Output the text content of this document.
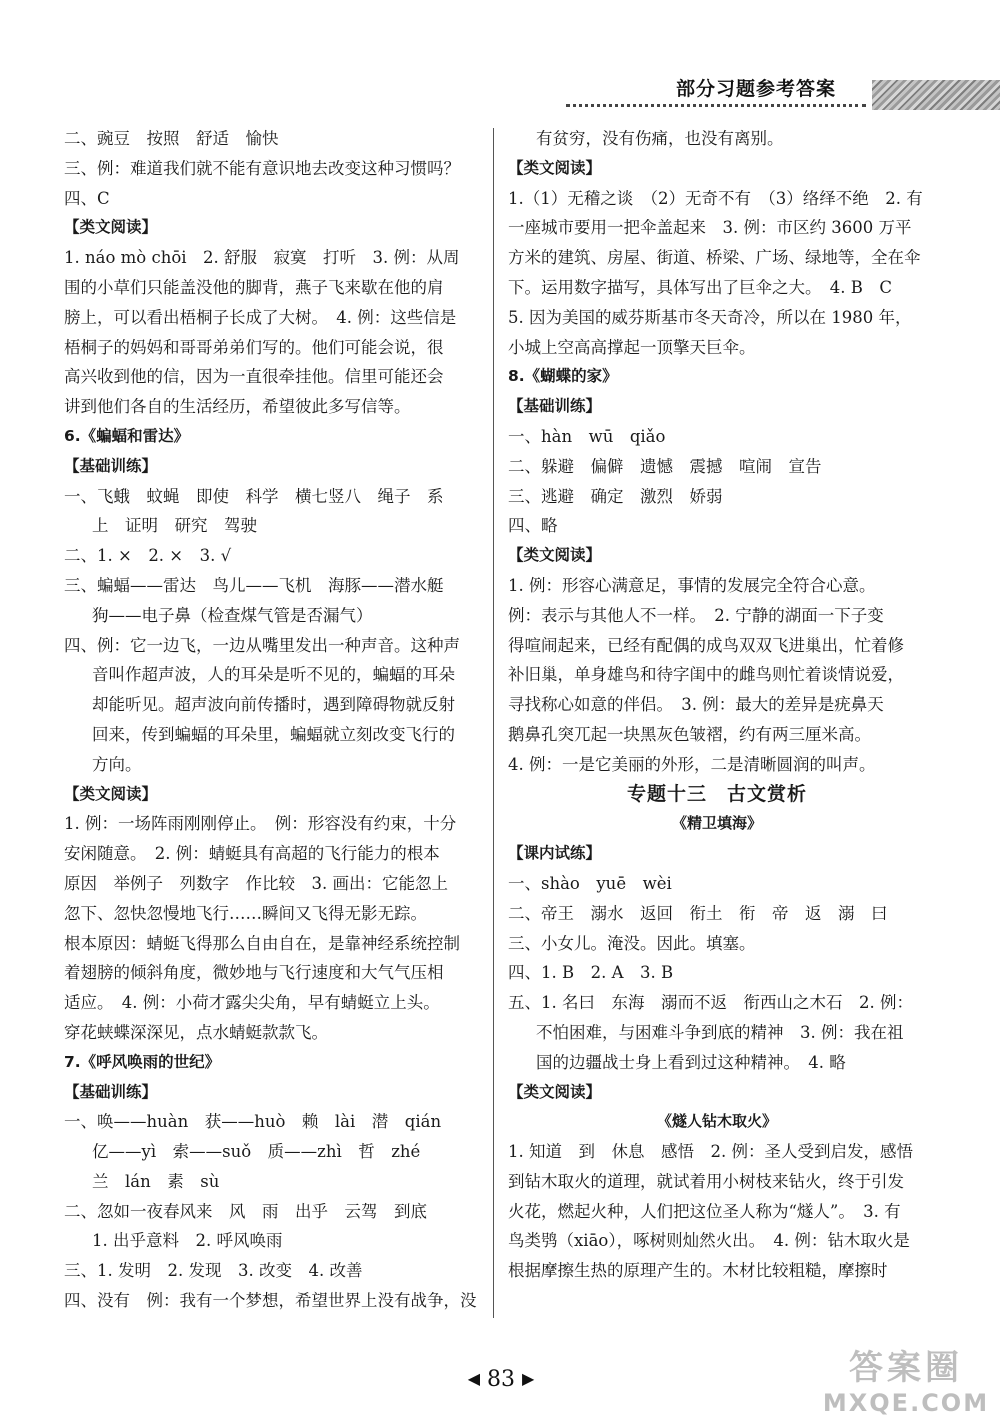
部分习题参考答案
二、豌豆　按照　舒适　愉快
三、例：难道我们就不能有意识地去改变这种习惯吗？
四、C
【类文阅读】
1. náo mò chōi　2. 舒服　寂寞　打听　3. 例：从周
围的小草们只能盖没他的脚背，燕子飞来歇在他的肩
膀上，可以看出梧桐子长成了大树。　4. 例：这些信是
梧桐子的妈妈和哥哥弟弟们写的。他们可能会说，很
高兴收到他的信，因为一直很牵挂他。信里可能还会
讲到他们各自的生活经历，希望彼此多写信等。
6.《蝙蝠和雷达》
【基础训练】
一、飞蛾　蚊蝇　即使　科学　横七竖八　绳子　系
上　证明　研究　驾驶
二、1. ×　2. ×　3. √
三、蝙蝠——雷达　鸟儿——飞机　海豚——潜水艇
狗——电子鼻（检查煤气管是否漏气）
四、例：它一边飞，一边从嘴里发出一种声音。这种声
音叫作超声波，人的耳朵是听不见的，蝙蝠的耳朵
却能听见。超声波向前传播时，遇到障碍物就反射
回来，传到蝙蝠的耳朵里，蝙蝠就立刻改变飞行的
方向。
【类文阅读】
1. 例：一场阵雨刚刚停止。　例：形容没有约束，十分
安闲随意。　2. 例：蜻蜓具有高超的飞行能力的根本
原因　举例子　列数字　作比较　3. 画出：它能忽上
忽下、忽快忽慢地飞行……瞬间又飞得无影无踪。
根本原因：蜻蜓飞得那么自由自在，是靠神经系统控制
着翅膀的倾斜角度，微妙地与飞行速度和大气气压相
适应。　4. 例：小荷才露尖尖角，早有蜻蜓立上头。
穿花蛱蝶深深见，点水蜻蜓款款飞。
7.《呼风唤雨的世纪》
【基础训练】
一、唤——huàn　获——huò　赖　lài　潜　qián
亿——yì　索——suǒ　质——zhì　哲　zhé
兰　lán　素　sù
二、忽如一夜春风来　风　雨　出乎　云驾　到底
1. 出乎意料　2. 呼风唤雨
三、1. 发明　2. 发现　3. 改变　4. 改善
四、没有　例：我有一个梦想，希望世界上没有战争，没
有贫穷，没有伤痛，也没有离别。
【类文阅读】
1.（1）无稽之谈　（2）无奇不有　（3）络绎不绝　2. 有
一座城市要用一把伞盖起来　3. 例：市区约 3600 万平
方米的建筑、房屋、街道、桥梁、广场、绿地等，全在伞
下。运用数字描写，具体写出了巨伞之大。　4. B　C
5. 因为美国的威芬斯基市冬天奇冷，所以在 1980 年，
小城上空高高撑起一顶擎天巨伞。
8.《蝴蝶的家》
【基础训练】
一、hàn　wū　qiǎo
二、躲避　偏僻　遗憾　震撼　喧闹　宣告
三、逃避　确定　激烈　娇弱
四、略
【类文阅读】
1. 例：形容心满意足，事情的发展完全符合心意。
例：表示与其他人不一样。　2. 宁静的湖面一下子变
得喧闹起来，已经有配偶的成鸟双双飞进巢出，忙着修
补旧巢，单身雄鸟和待字闺中的雌鸟则忙着谈情说爱，
寻找称心如意的伴侣。　3. 例：最大的差异是疣鼻天
鹅鼻孔突兀起一块黑灰色皱褶，约有两三厘米高。
4. 例：一是它美丽的外形，二是清晰圆润的叫声。
专题十三　古文赏析
《精卫填海》
【课内试练】
一、shào　yuē　wèi
二、帝王　溺水　返回　衔土　衔　帝　返　溺　曰
三、小女儿。淹没。因此。填塞。
四、1. B　2. A　3. B
五、1. 名曰　东海　溺而不返　衔西山之木石　2. 例：
不怕困难，与困难斗争到底的精神　3. 例：我在祖
国的边疆战士身上看到过这种精神。　4. 略
【类文阅读】
《燧人钻木取火》
1. 知道　到　休息　感悟　2. 例：圣人受到启发，感悟
到钻木取火的道理，就试着用小树枝来钻火，终于引发
火花，燃起火种，人们把这位圣人称为“燧人”。　3. 有
鸟类鸮（xiāo），啄树则灿然火出。　4. 例：钻木取火是
根据摩擦生热的原理产生的。木材比较粗糙，摩擦时
◀ 83 ▶	答案圈
MXQE.COM
